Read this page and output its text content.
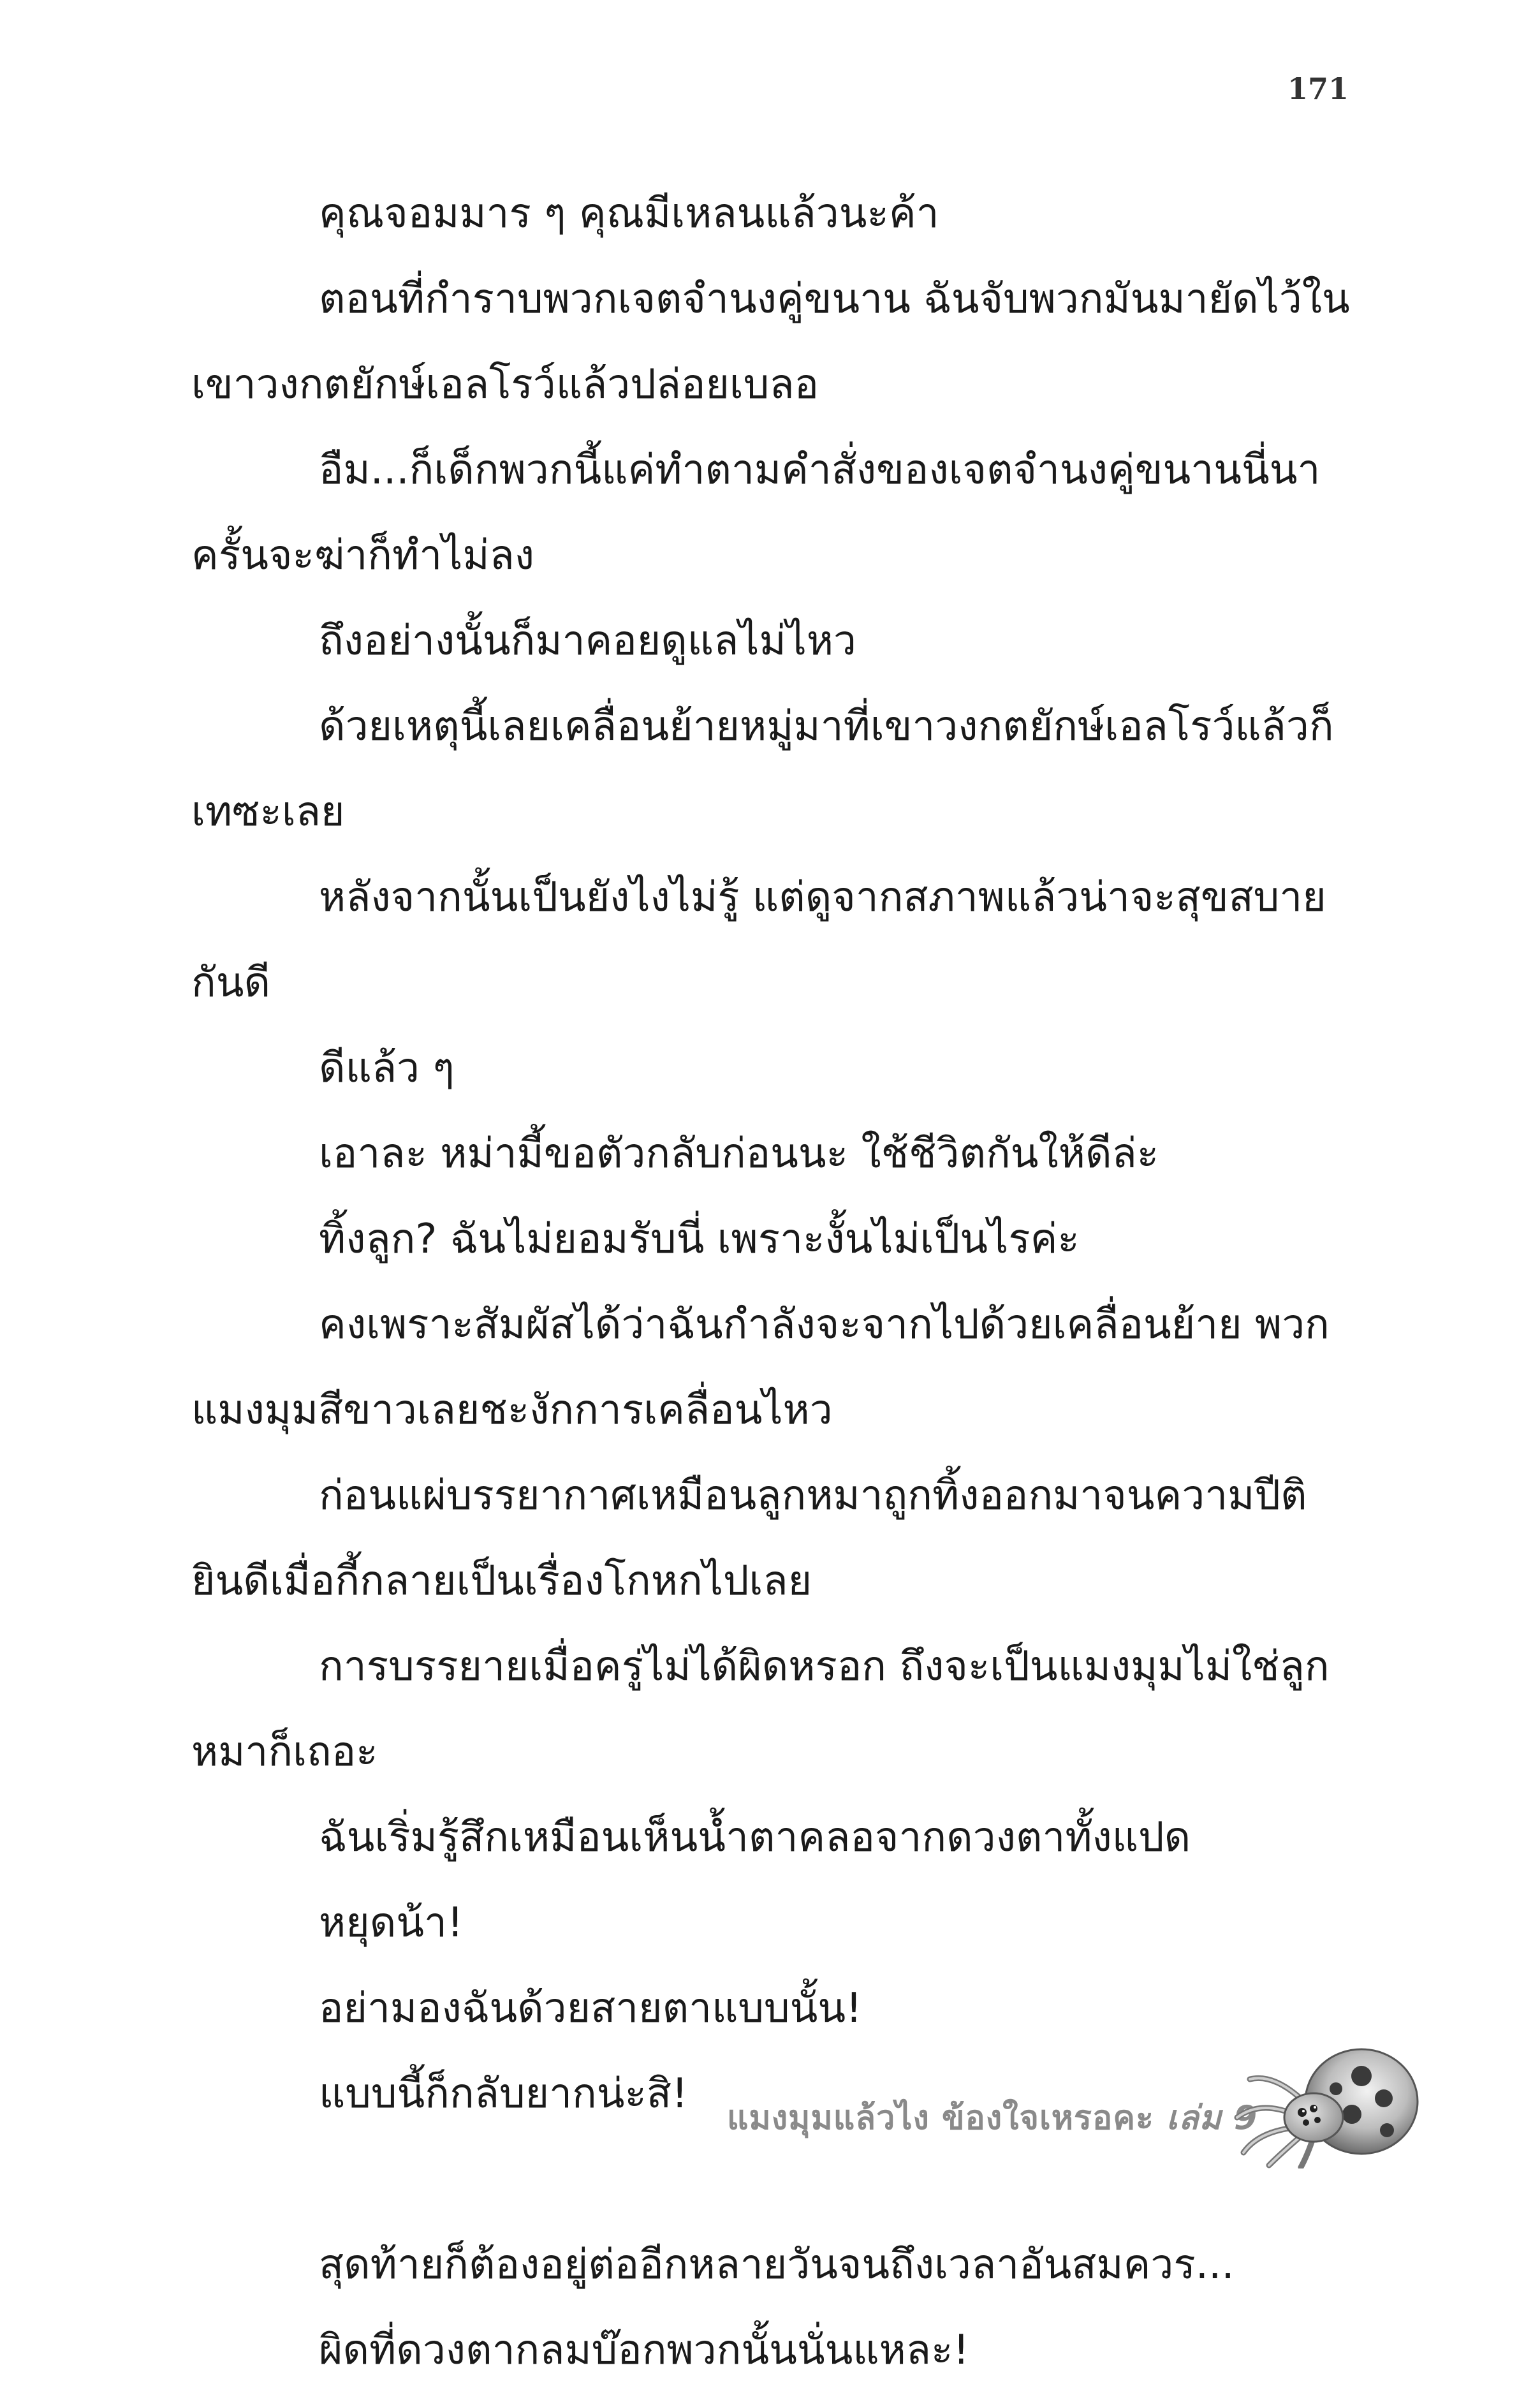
171

คุณจอมมาร ๆ คุณมีเหลนแล้วนะค้า

ตอนที่กำราบพวกเจตจำนงคู่ขนาน ฉันจับพวกมันมายัดไว้ในเขาวงกตยักษ์เอลโรว์แล้วปล่อยเบลอ

อืม...ก็เด็กพวกนี้แค่ทำตามคำสั่งของเจตจำนงคู่ขนานนี่นา ครั้นจะฆ่าก็ทำไม่ลง

ถึงอย่างนั้นก็มาคอยดูแลไม่ไหว

ด้วยเหตุนี้เลยเคลื่อนย้ายหมู่มาที่เขาวงกตยักษ์เอลโรว์แล้วก็เทซะเลย

หลังจากนั้นเป็นยังไงไม่รู้ แต่ดูจากสภาพแล้วน่าจะสุขสบายกันดี

ดีแล้ว ๆ

เอาละ หม่ามี้ขอตัวกลับก่อนนะ ใช้ชีวิตกันให้ดีล่ะ

ทิ้งลูก? ฉันไม่ยอมรับนี่ เพราะงั้นไม่เป็นไรค่ะ

คงเพราะสัมผัสได้ว่าฉันกำลังจะจากไปด้วยเคลื่อนย้าย พวกแมงมุมสีขาวเลยชะงักการเคลื่อนไหว

ก่อนแผ่บรรยากาศเหมือนลูกหมาถูกทิ้งออกมาจนความปีติยินดีเมื่อกี้กลายเป็นเรื่องโกหกไปเลย

การบรรยายเมื่อครู่ไม่ได้ผิดหรอก ถึงจะเป็นแมงมุมไม่ใช่ลูกหมาก็เถอะ

ฉันเริ่มรู้สึกเหมือนเห็นน้ำตาคลอจากดวงตาทั้งแปด

หยุดน้า!

อย่ามองฉันด้วยสายตาแบบนั้น!

แบบนี้ก็กลับยากน่ะสิ!

สุดท้ายก็ต้องอยู่ต่ออีกหลายวันจนถึงเวลาอันสมควร...

ผิดที่ดวงตากลมบ๊อกพวกนั้นนั่นแหละ!

แมงมุมแล้วไง ข้องใจเหรอคะ เล่ม 9
